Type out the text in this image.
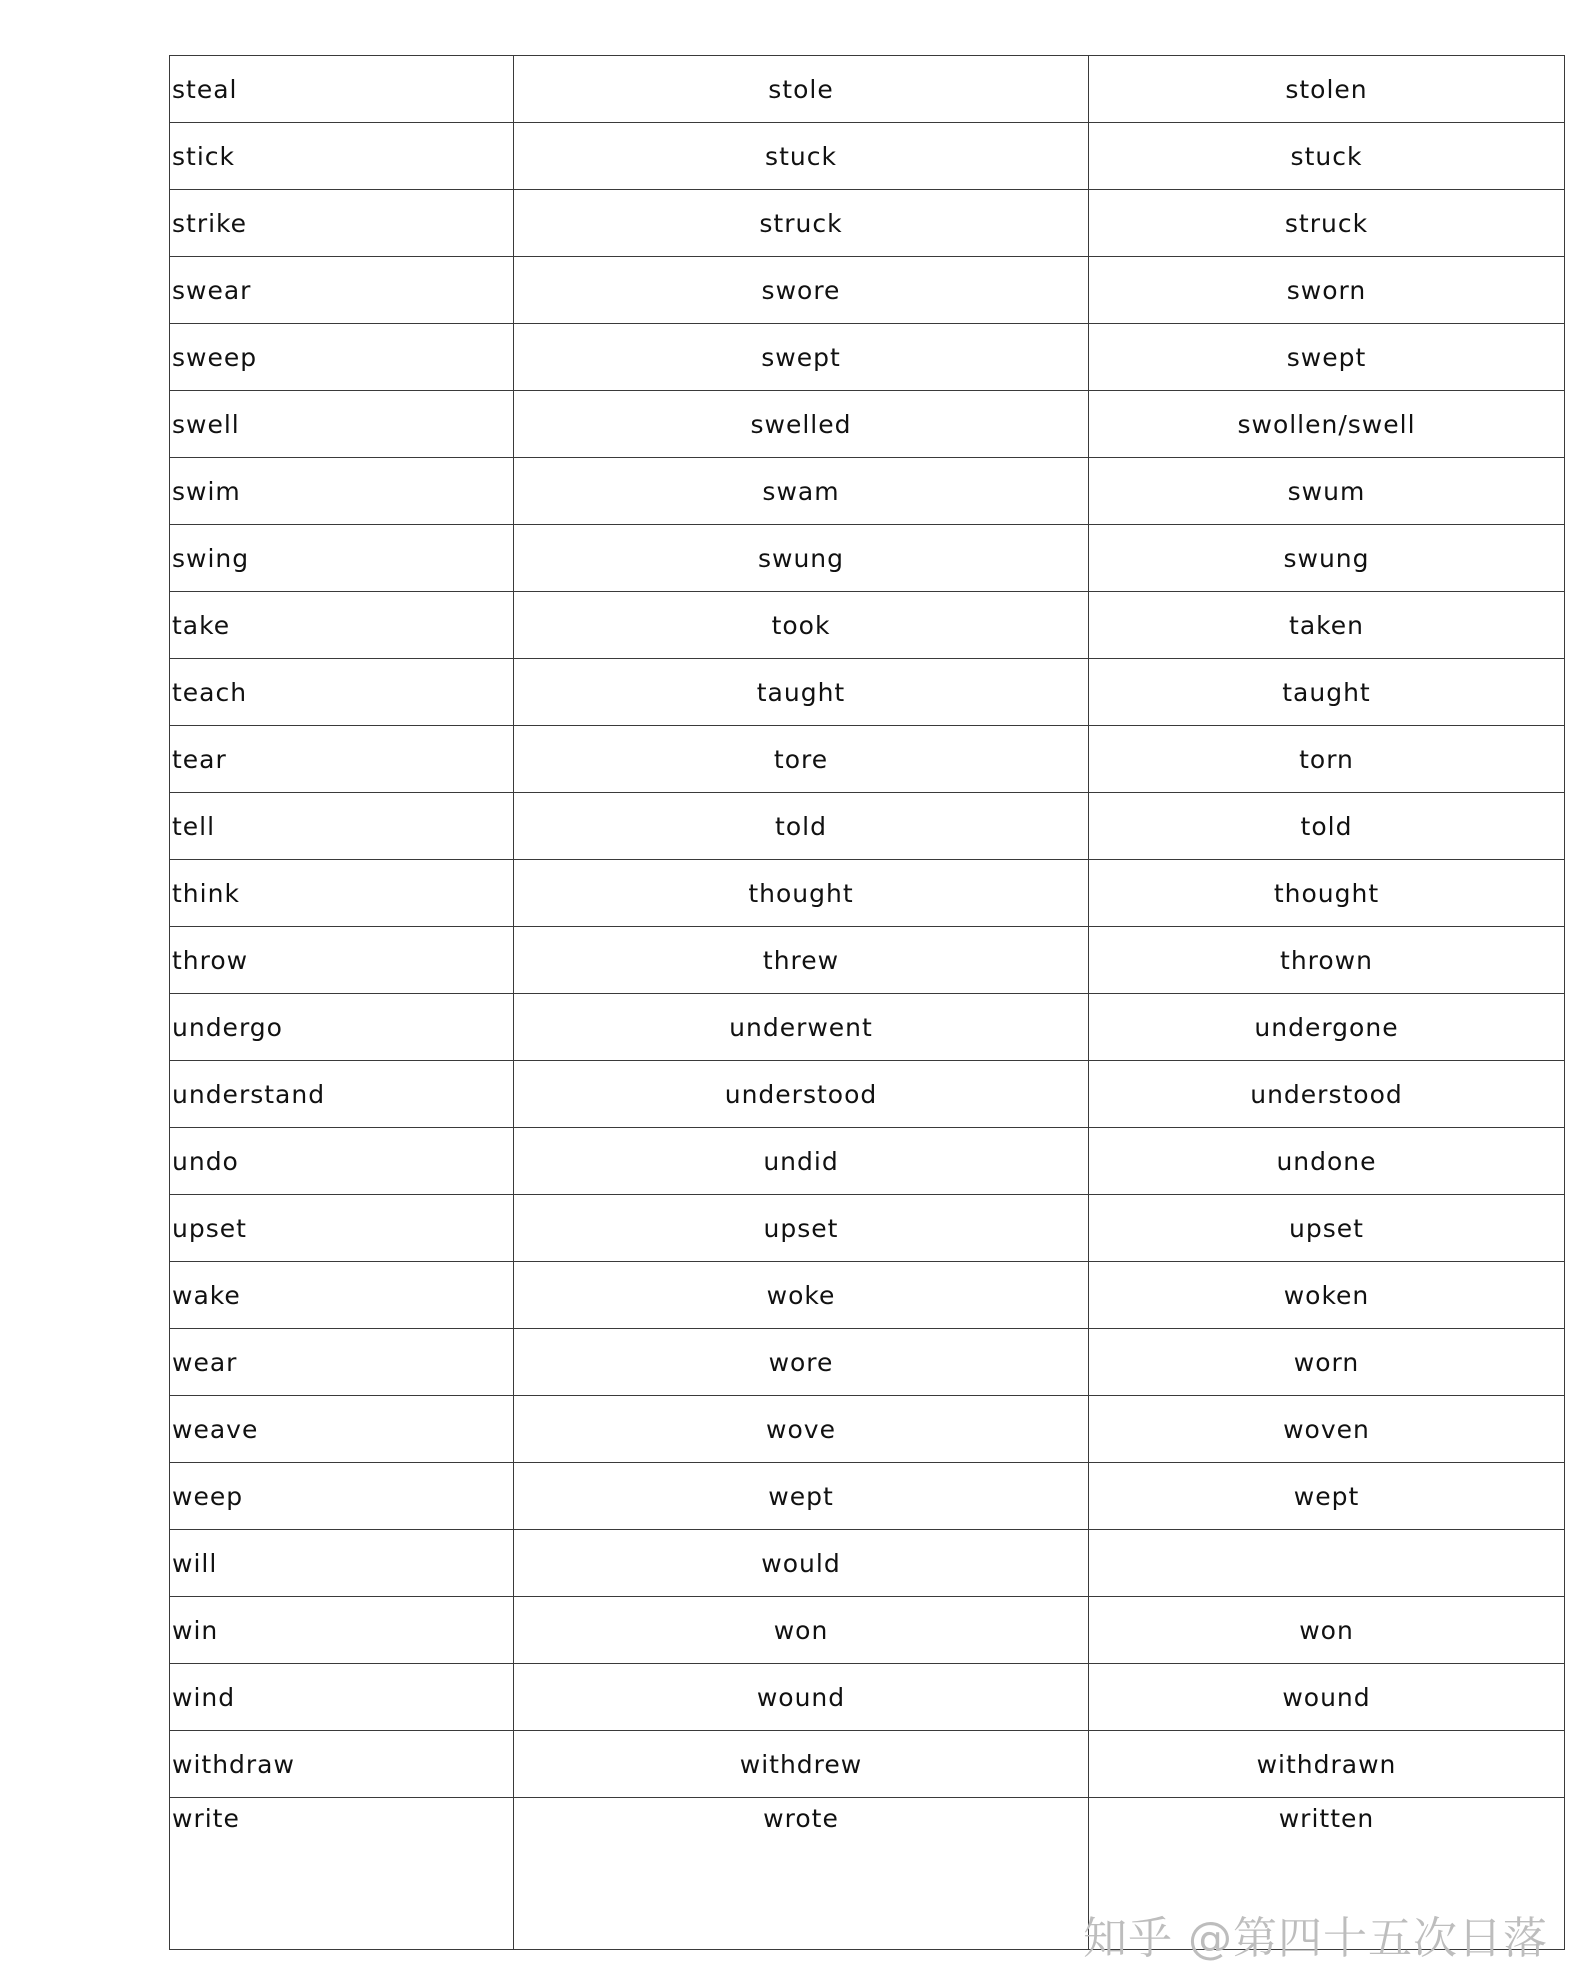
steal	stole	stolen
stick	stuck	stuck
strike	struck	struck
swear	swore	sworn
sweep	swept	swept
swell	swelled	swollen/swell
swim	swam	swum
swing	swung	swung
take	took	taken
teach	taught	taught
tear	tore	torn
tell	told	told
think	thought	thought
throw	threw	thrown
undergo	underwent	undergone
understand	understood	understood
undo	undid	undone
upset	upset	upset
wake	woke	woken
wear	wore	worn
weave	wove	woven
weep	wept	wept
will	would	
win	won	won
wind	wound	wound
withdraw	withdrew	withdrawn
write	wrote	written
知乎 @第四十五次日落
